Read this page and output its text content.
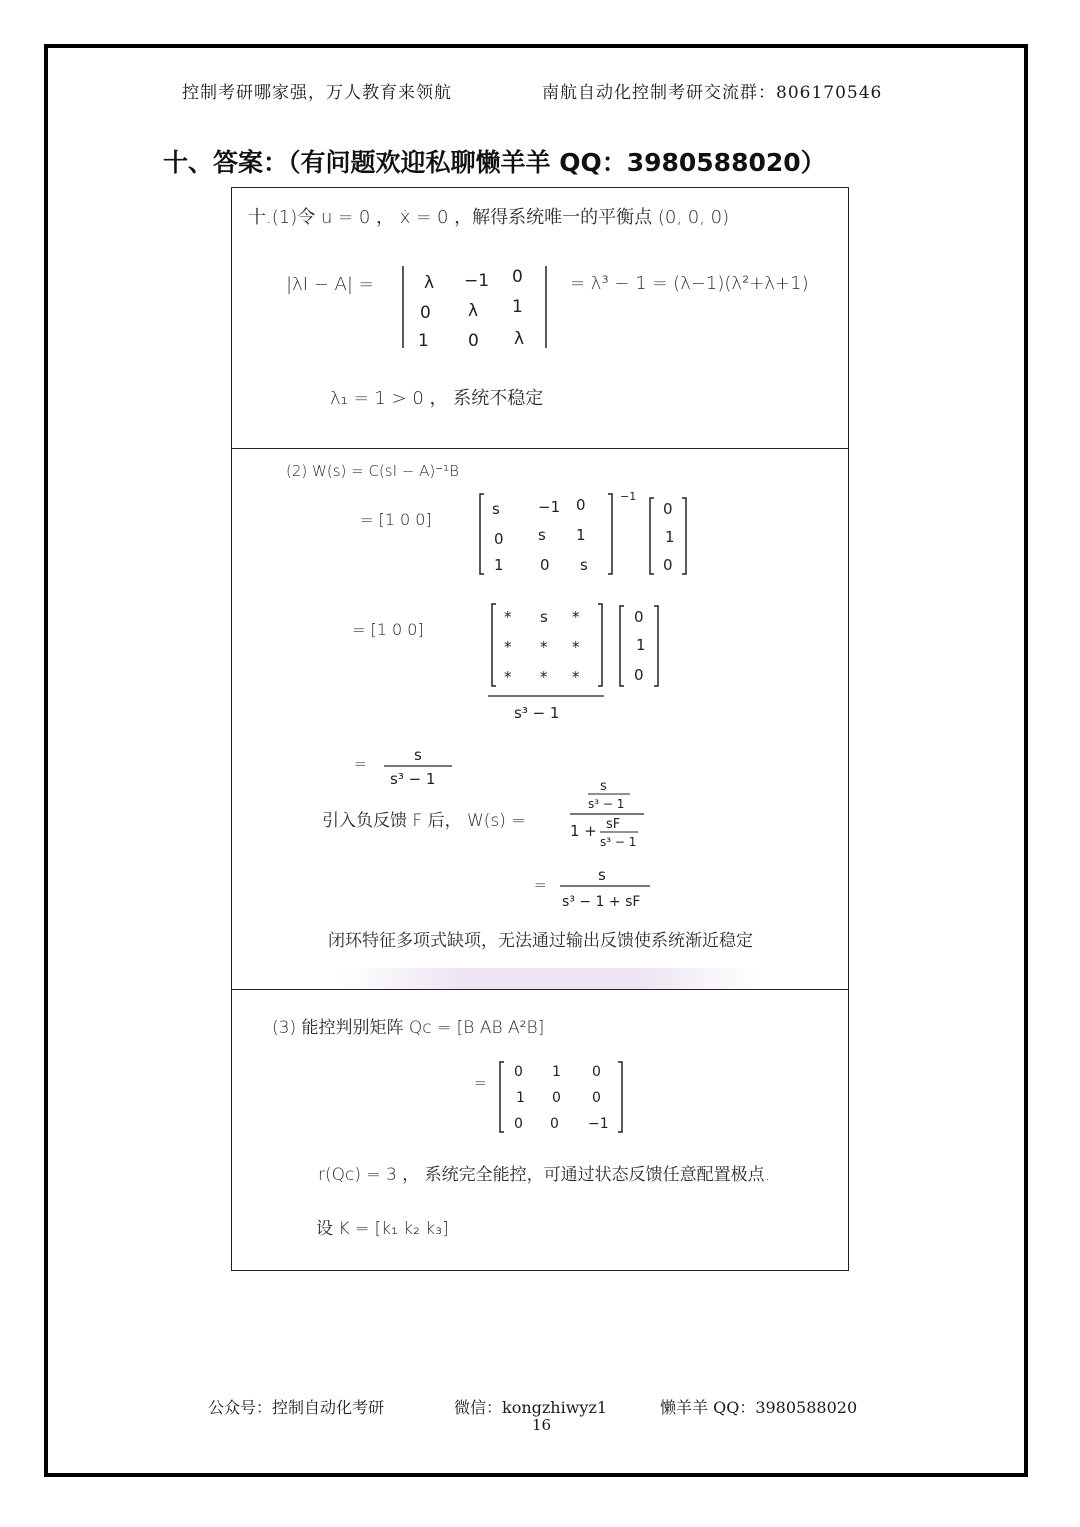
控制考研哪家强，万人教育来领航	南航自动化控制考研交流群：806170546
十、答案：（有问题欢迎私聊懒羊羊 QQ：3980588020）
十.(1)令 u = 0 ， ẋ = 0 ，解得系统唯一的平衡点 (0, 0, 0)
|λI − A| =	λ −1 0
0 λ 1
1 0 λ
= λ³ − 1 = (λ−1)(λ²+λ+1)
λ₁ = 1 > 0 ， 系统不稳定
(2) W(s) = C(sI − A)⁻¹B
= [1 0 0]
s	−1 0
0 s 1
1 0 s
−1
0
1
0
= [1 0 0]
* s *
* * *
* * *
s³ − 1
0
1
0
=	s
s³ − 1
引入负反馈 F 后， W(s) =
s
s³ − 1
1 + sF
s³ − 1
=
s
s³ − 1 + sF
闭环特征多项式缺项，无法通过输出反馈使系统渐近稳定
(3) 能控判别矩阵 Qc = [B AB A²B]
=
0 1 0
1 0 0
0 0 −1
r(Qc) = 3 ， 系统完全能控，可通过状态反馈任意配置极点.
设 K = [k₁ k₂ k₃]
公众号：控制自动化考研	微信：kongzhiwyz1	懒羊羊 QQ：3980588020
16
